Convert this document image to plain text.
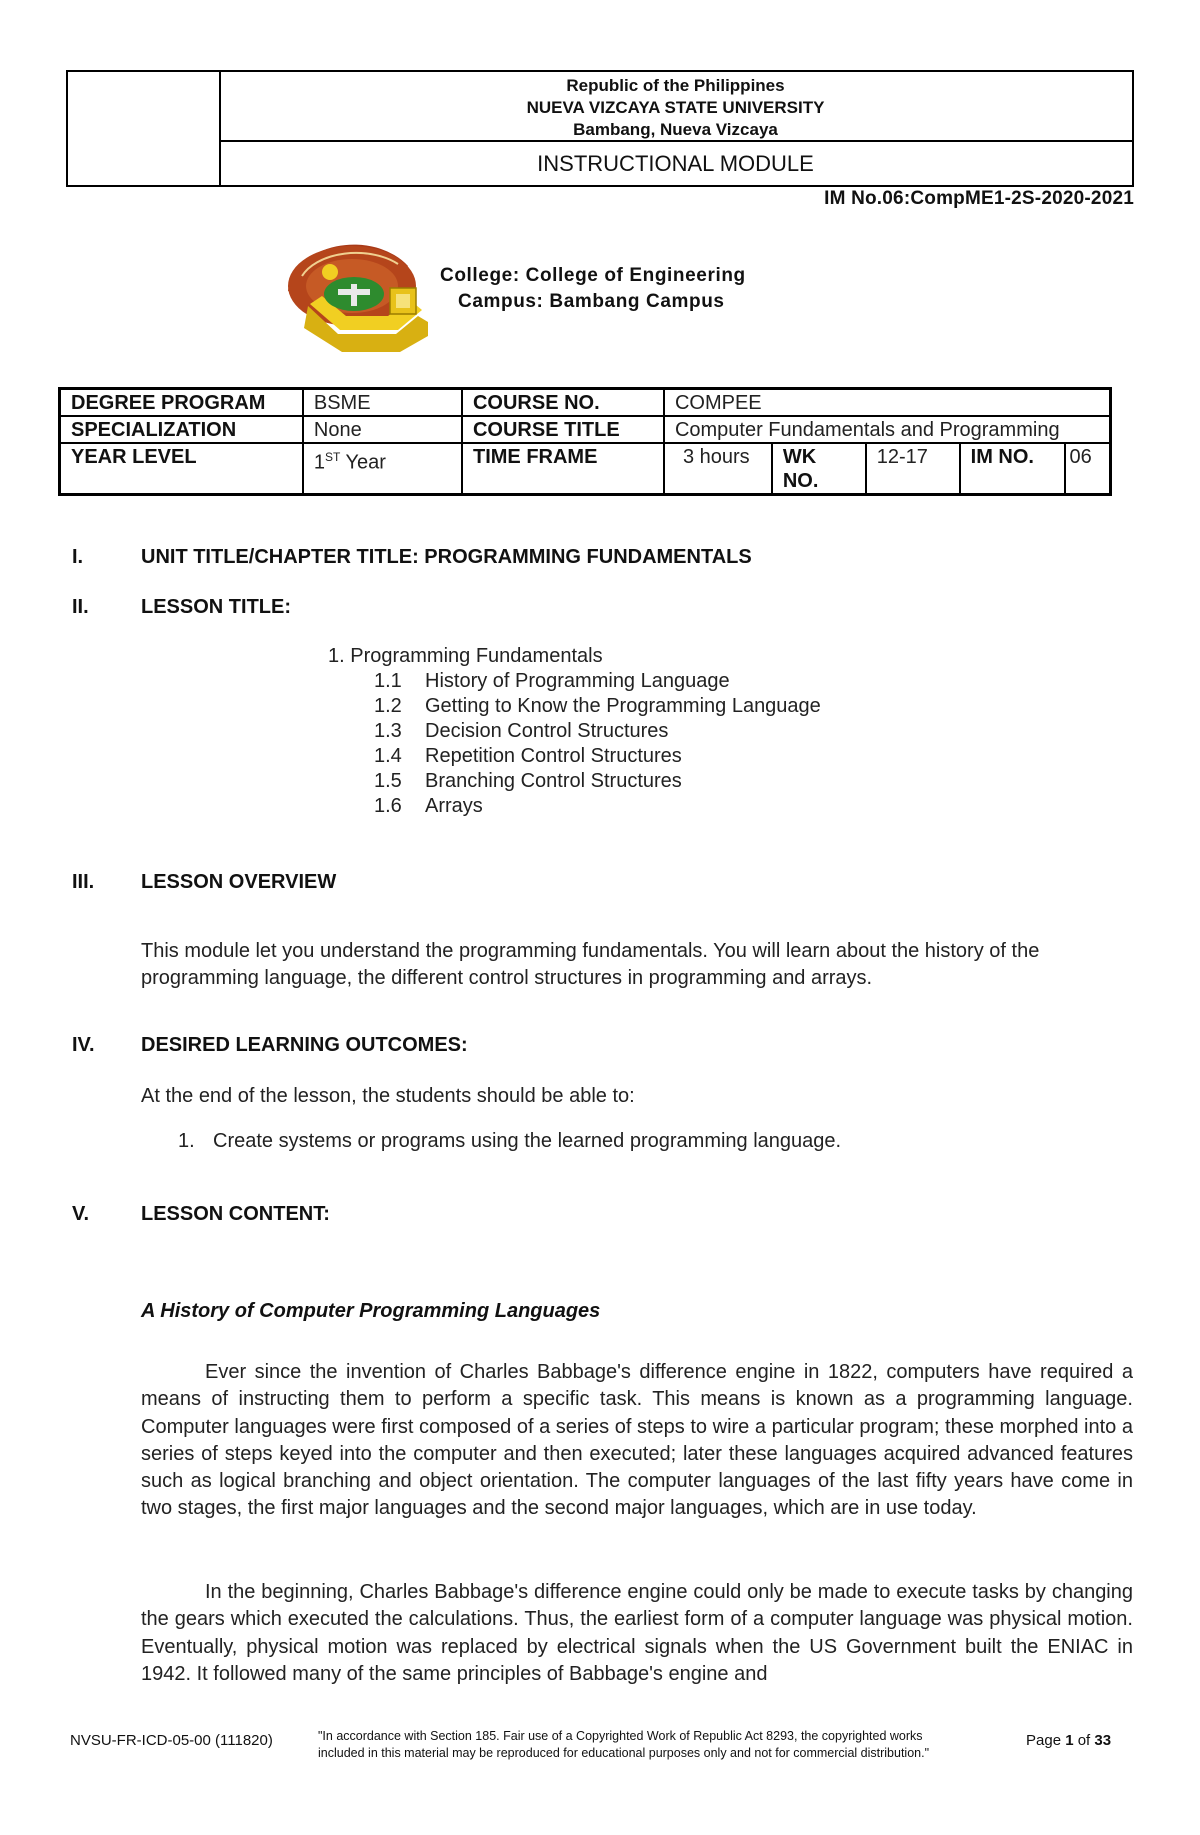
Republic of the Philippines
NUEVA VIZCAYA STATE UNIVERSITY
Bambang, Nueva Vizcaya
INSTRUCTIONAL MODULE
IM No.06:CompME1-2S-2020-2021
College: College of Engineering
Campus: Bambang Campus
DEGREE PROGRAM	BSME	COURSE NO.	COMPEE				
SPECIALIZATION	None	COURSE TITLE	Computer Fundamentals and Programming				
YEAR LEVEL	1ST Year	TIME FRAME	3 hours	WK NO.	12-17	IM NO.	06
I.	UNIT TITLE/CHAPTER TITLE: PROGRAMMING FUNDAMENTALS
II.	LESSON TITLE:
1. Programming Fundamentals
1.1 History of Programming Language
1.2 Getting to Know the Programming Language
1.3 Decision Control Structures
1.4 Repetition Control Structures
1.5 Branching Control Structures
1.6 Arrays
III. LESSON OVERVIEW
This module let you understand the programming fundamentals. You will learn about the history of the programming language, the different control structures in programming and arrays.
IV. DESIRED LEARNING OUTCOMES:
At the end of the lesson, the students should be able to:
1. Create systems or programs using the learned programming language.
V.	LESSON CONTENT:
A History of Computer Programming Languages

Ever since the invention of Charles Babbage's difference engine in 1822, computers have required a means of instructing them to perform a specific task. This means is known as a programming language. Computer languages were first composed of a series of steps to wire a particular program; these morphed into a series of steps keyed into the computer and then executed; later these languages acquired advanced features such as logical branching and object orientation. The computer languages of the last fifty years have come in two stages, the first major languages and the second major languages, which are in use today.

In the beginning, Charles Babbage's difference engine could only be made to execute tasks by changing the gears which executed the calculations. Thus, the earliest form of a computer language was physical motion. Eventually, physical motion was replaced by electrical signals when the US Government built the ENIAC in 1942. It followed many of the same principles of Babbage's engine and

NVSU-FR-ICD-05-00 (111820)	"In accordance with Section 185. Fair use of a Copyrighted Work of Republic Act 8293, the copyrighted works
included in this material may be reproduced for educational purposes only and not for commercial distribution."
Page 1 of 33
